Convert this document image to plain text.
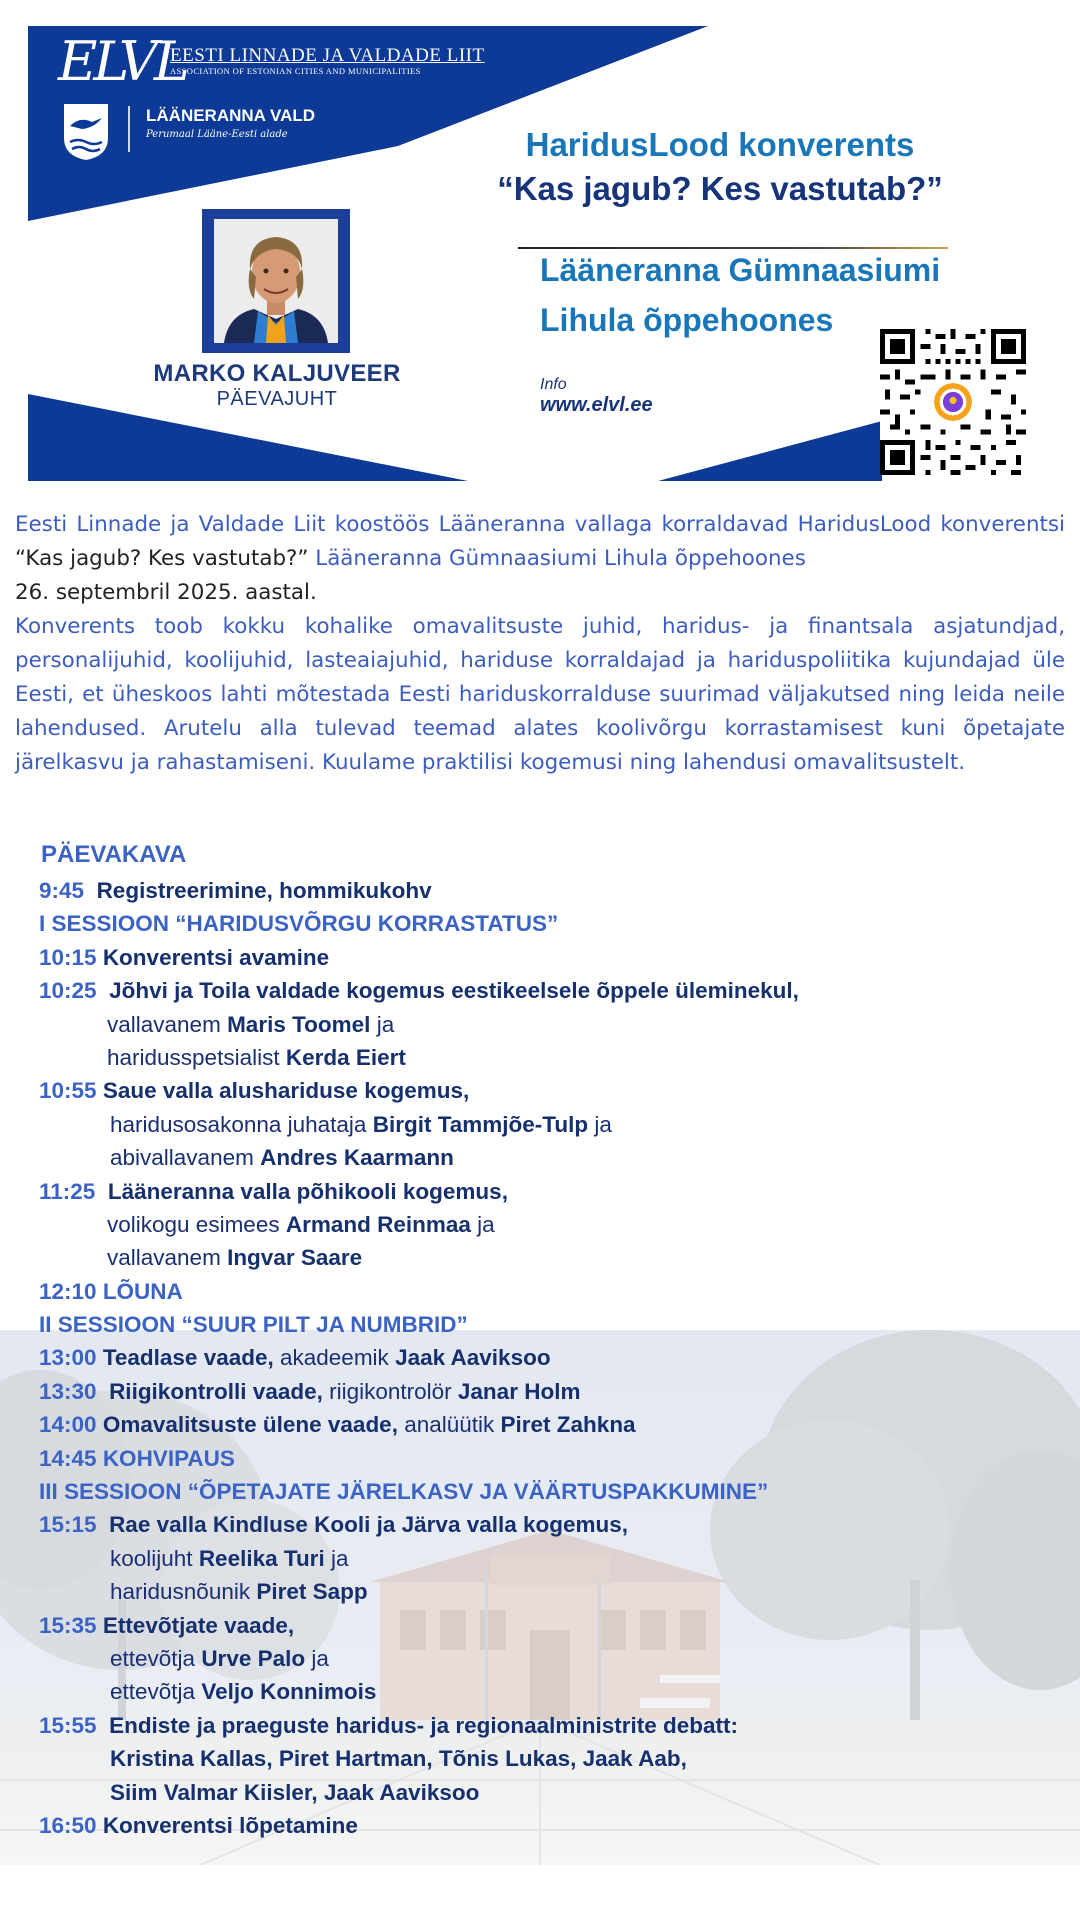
ELVL
EESTI LINNADE JA VALDADE LIIT
ASSOCIATION OF ESTONIAN CITIES AND MUNICIPALITIES
LÄÄNERANNA VALD
Perumaal Lääne-Eesti alade
MARKO KALJUVEER
PÄEVAJUHT
HaridusLood konverents
“Kas jagub? Kes vastutab?”
Lääneranna Gümnaasiumi
Lihula õppehoones
Info
www.elvl.ee

Eesti Linnade ja Valdade Liit koostöös Lääneranna vallaga korraldavad HaridusLood konverentsi “Kas jagub? Kes vastutab?” Lääneranna Gümnaasiumi Lihula õppehoones
26. septembril 2025. aastal.

Konverents toob kokku kohalike omavalitsuste juhid, haridus- ja finantsala asjatundjad, personalijuhid, koolijuhid, lasteaiajuhid, hariduse korraldajad ja hariduspoliitika kujundajad üle Eesti, et üheskoos lahti mõtestada Eesti hariduskorralduse suurimad väljakutsed ning leida neile lahendused. Arutelu alla tulevad teemad alates koolivõrgu korrastamisest kuni õpetajate järelkasvu ja rahastamiseni. Kuulame praktilisi kogemusi ning lahendusi omavalitsustelt.

PÄEVAKAVA
9:45 Registreerimine, hommikukohv
I SESSIOON “HARIDUSVÕRGU KORRASTATUS”
10:15 Konverentsi avamine
10:25 Jõhvi ja Toila valdade kogemus eestikeelsele õppele üleminekul,
vallavanem Maris Toomel ja
haridusspetsialist Kerda Eiert
10:55 Saue valla alushariduse kogemus,
haridusosakonna juhataja Birgit Tammjõe-Tulp ja
abivallavanem Andres Kaarmann
11:25 Lääneranna valla põhikooli kogemus,
volikogu esimees Armand Reinmaa ja
vallavanem Ingvar Saare
12:10 LÕUNA
II SESSIOON “SUUR PILT JA NUMBRID”
13:00 Teadlase vaade, akadeemik Jaak Aaviksoo
13:30 Riigikontrolli vaade, riigikontrolör Janar Holm
14:00 Omavalitsuste ülene vaade, analüütik Piret Zahkna
14:45 KOHVIPAUS
III SESSIOON “ÕPETAJATE JÄRELKASV JA VÄÄRTUSPAKKUMINE”
15:15 Rae valla Kindluse Kooli ja Järva valla kogemus,
koolijuht Reelika Turi ja
haridusnõunik Piret Sapp
15:35 Ettevõtjate vaade,
ettevõtja Urve Palo ja
ettevõtja Veljo Konnimois
15:55 Endiste ja praeguste haridus- ja regionaalministrite debatt:
Kristina Kallas, Piret Hartman, Tõnis Lukas, Jaak Aab,
Siim Valmar Kiisler, Jaak Aaviksoo
16:50 Konverentsi lõpetamine
